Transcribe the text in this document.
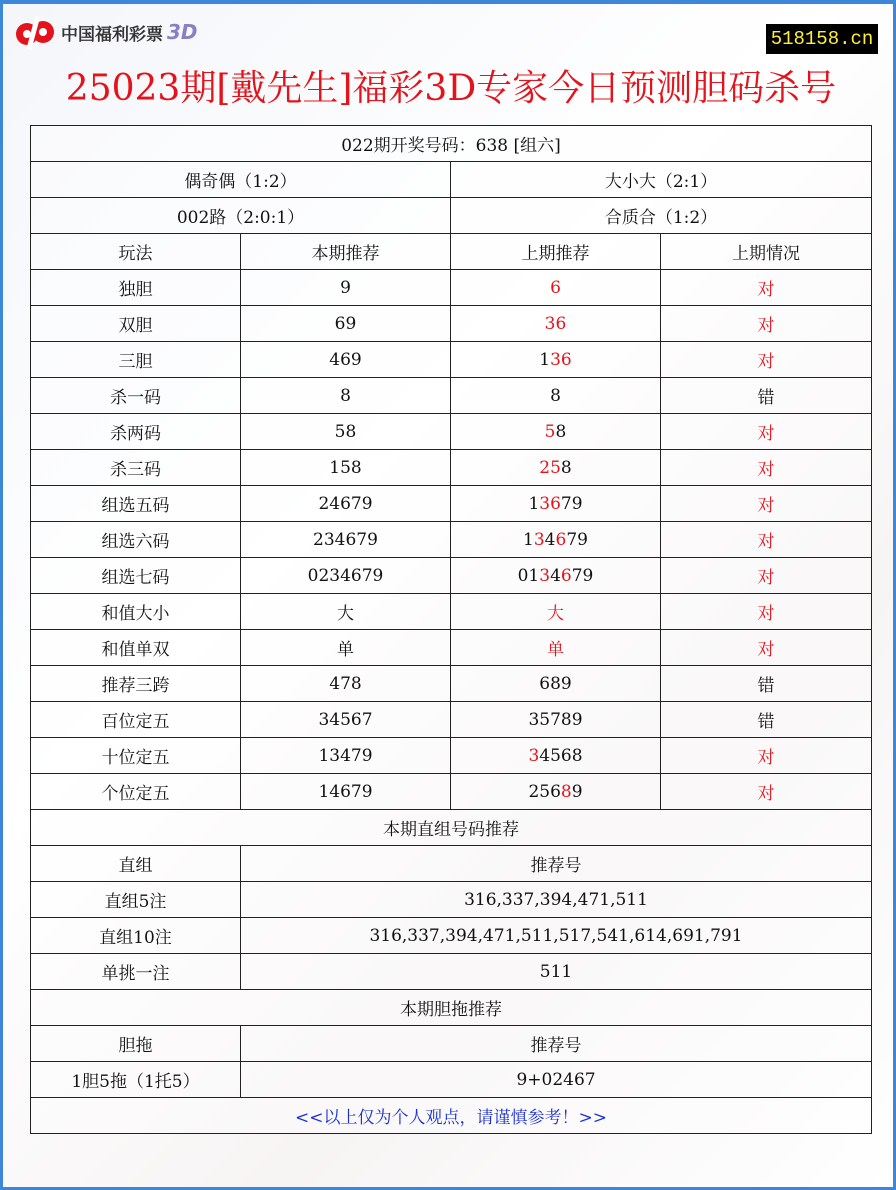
中国福利彩票 3D	518158.cn
25023期[戴先生]福彩3D专家今日预测胆码杀号
022期开奖号码：638 [组六]			
偶奇偶（1:2）		大小大（2:1）	
002路（2:0:1）		合质合（1:2）	
玩法	本期推荐	上期推荐	上期情况
独胆	9	6	对
双胆	69	36	对
三胆	469	136	对
杀一码	8	8	错
杀两码	58	58	对
杀三码	158	258	对
组选五码	24679	13679	对
组选六码	234679	134679	对
组选七码	0234679	0134679	对
和值大小	大	大	对
和值单双	单	单	对
推荐三跨	478	689	错
百位定五	34567	35789	错
十位定五	13479	34568	对
个位定五	14679	25689	对
本期直组号码推荐			
直组	推荐号		
直组5注	316,337,394,471,511		
直组10注	316,337,394,471,511,517,541,614,691,791		
单挑一注	511		
本期胆拖推荐			
胆拖	推荐号		
1胆5拖（1托5）	9+02467		
<<以上仅为个人观点，请谨慎参考！>>			
